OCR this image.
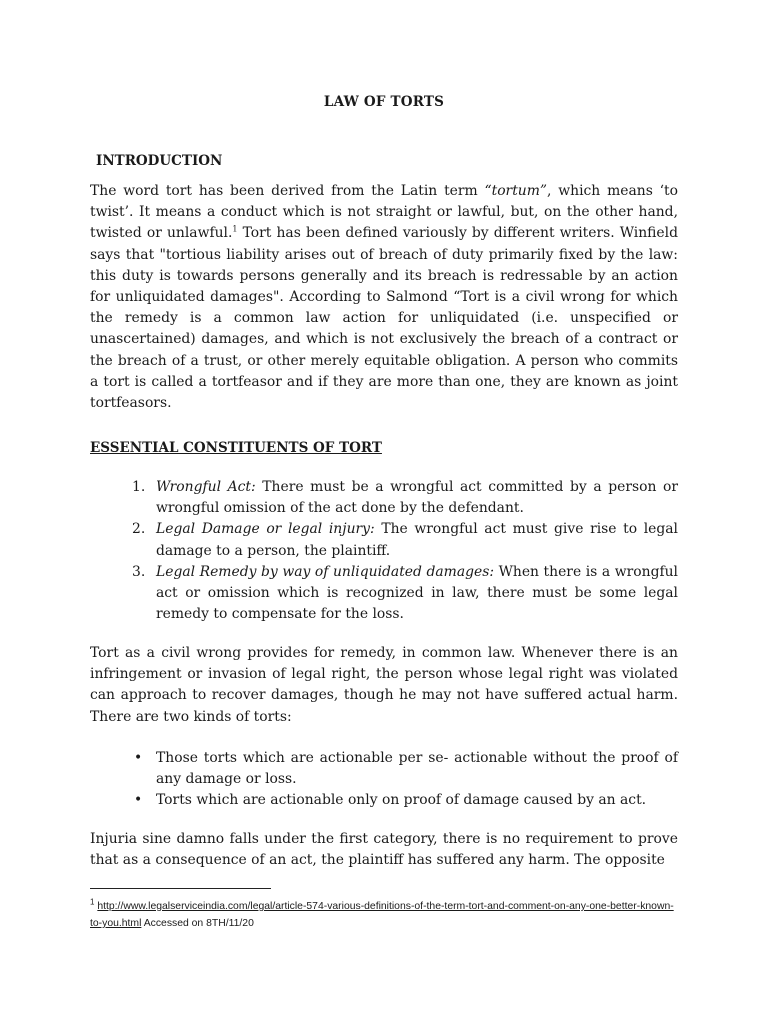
LAW OF TORTS
INTRODUCTION
The word tort has been derived from the Latin term “tortum”, which means ‘to twist’. It means a conduct which is not straight or lawful, but, on the other hand, twisted or unlawful.$^1$ Tort has been defined variously by different writers. Winfield says that "tortious liability arises out of breach of duty primarily fixed by the law: this duty is towards persons generally and its breach is redressable by an action for unliquidated damages". According to Salmond “Tort is a civil wrong for which the remedy is a common law action for unliquidated (i.e. unspecified or unascertained) damages, and which is not exclusively the breach of a contract or the breach of a trust, or other merely equitable obligation. A person who commits a tort is called a tortfeasor and if they are more than one, they are known as joint tortfeasors.
ESSENTIAL CONSTITUENTS OF TORT
1. Wrongful Act: There must be a wrongful act committed by a person or wrongful omission of the act done by the defendant.
2. Legal Damage or legal injury: The wrongful act must give rise to legal damage to a person, the plaintiff.
3. Legal Remedy by way of unliquidated damages: When there is a wrongful act or omission which is recognized in law, there must be some legal remedy to compensate for the loss.
Tort as a civil wrong provides for remedy, in common law. Whenever there is an infringement or invasion of legal right, the person whose legal right was violated can approach to recover damages, though he may not have suffered actual harm. There are two kinds of torts:
• Those torts which are actionable per se- actionable without the proof of any damage or loss.
• Torts which are actionable only on proof of damage caused by an act.
Injuria sine damno falls under the first category, there is no requirement to prove that as a consequence of an act, the plaintiff has suffered any harm. The opposite
$^1$ http://www.legalserviceindia.com/legal/article-574-various-definitions-of-the-term-tort-and-comment-on-any-one-better-known-to-you.html Accessed on 8TH/11/20
